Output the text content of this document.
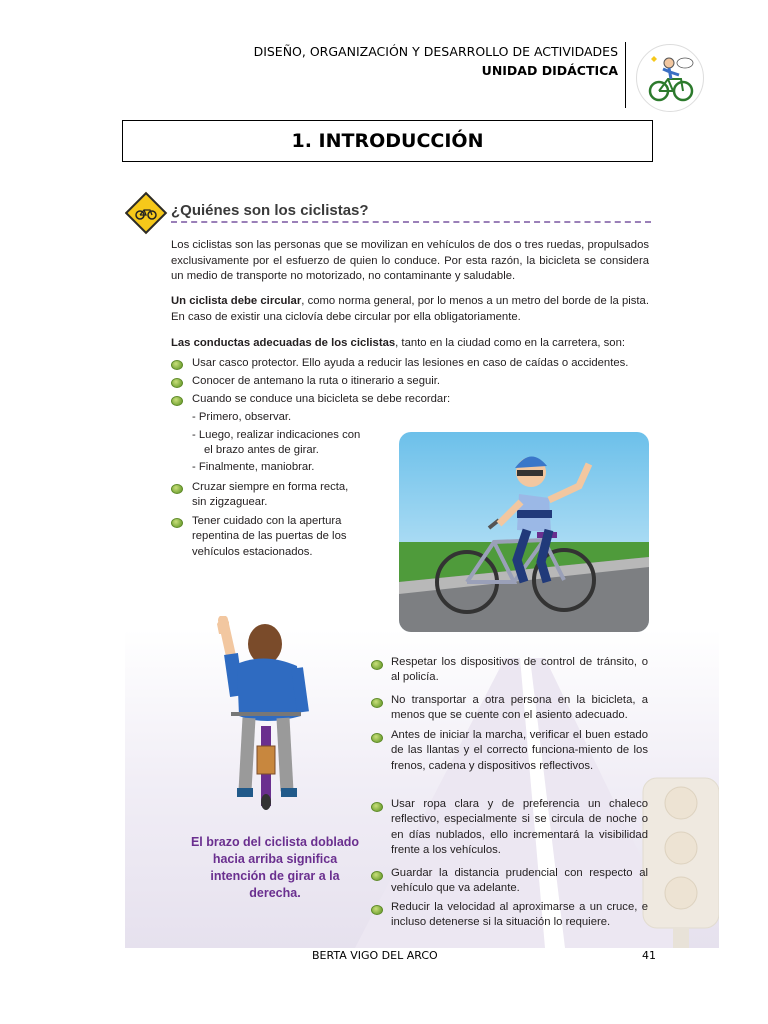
DISEÑO, ORGANIZACIÓN Y DESARROLLO DE ACTIVIDADES
UNIDAD DIDÁCTICA
1. INTRODUCCIÓN
¿Quiénes son los ciclistas?
Los ciclistas son las personas que se movilizan en vehículos de dos o tres ruedas, propulsados exclusivamente por el esfuerzo de quien lo conduce. Por esta razón, la bicicleta se considera un medio de transporte no motorizado, no contaminante y saludable.
Un ciclista debe circular, como norma general, por lo menos a un metro del borde de la pista. En caso de existir una ciclovía debe circular por ella obligatoriamente.
Las conductas adecuadas de los ciclistas, tanto en la ciudad como en la carretera, son:
Usar casco protector. Ello ayuda a reducir las lesiones en caso de caídas o accidentes.
Conocer de antemano la ruta o itinerario a seguir.
Cuando se conduce una bicicleta se debe recordar:
- Primero, observar.
- Luego, realizar indicaciones con el brazo antes de girar.
- Finalmente, maniobrar.
Cruzar siempre en forma recta, sin zigzaguear.
Tener cuidado con la apertura repentina de las puertas de los vehículos estacionados.
Respetar los dispositivos de control de tránsito, o al policía.
No transportar a otra persona en la bicicleta, a menos que se cuente con el asiento adecuado.
Antes de iniciar la marcha, verificar el buen estado de las llantas y el correcto funciona-miento de los frenos, cadena y dispositivos reflectivos.
Usar ropa clara y de preferencia un chaleco reflectivo, especialmente si se circula de noche o en días nublados, ello incrementará la visibilidad frente a los vehículos.
Guardar la distancia prudencial con respecto al vehículo que va adelante.
Reducir la velocidad al aproximarse a un cruce, e incluso detenerse si la situación lo requiere.
El brazo del ciclista doblado hacia arriba significa intención de girar a la derecha.
BERTA VIGO DEL ARCO	41
